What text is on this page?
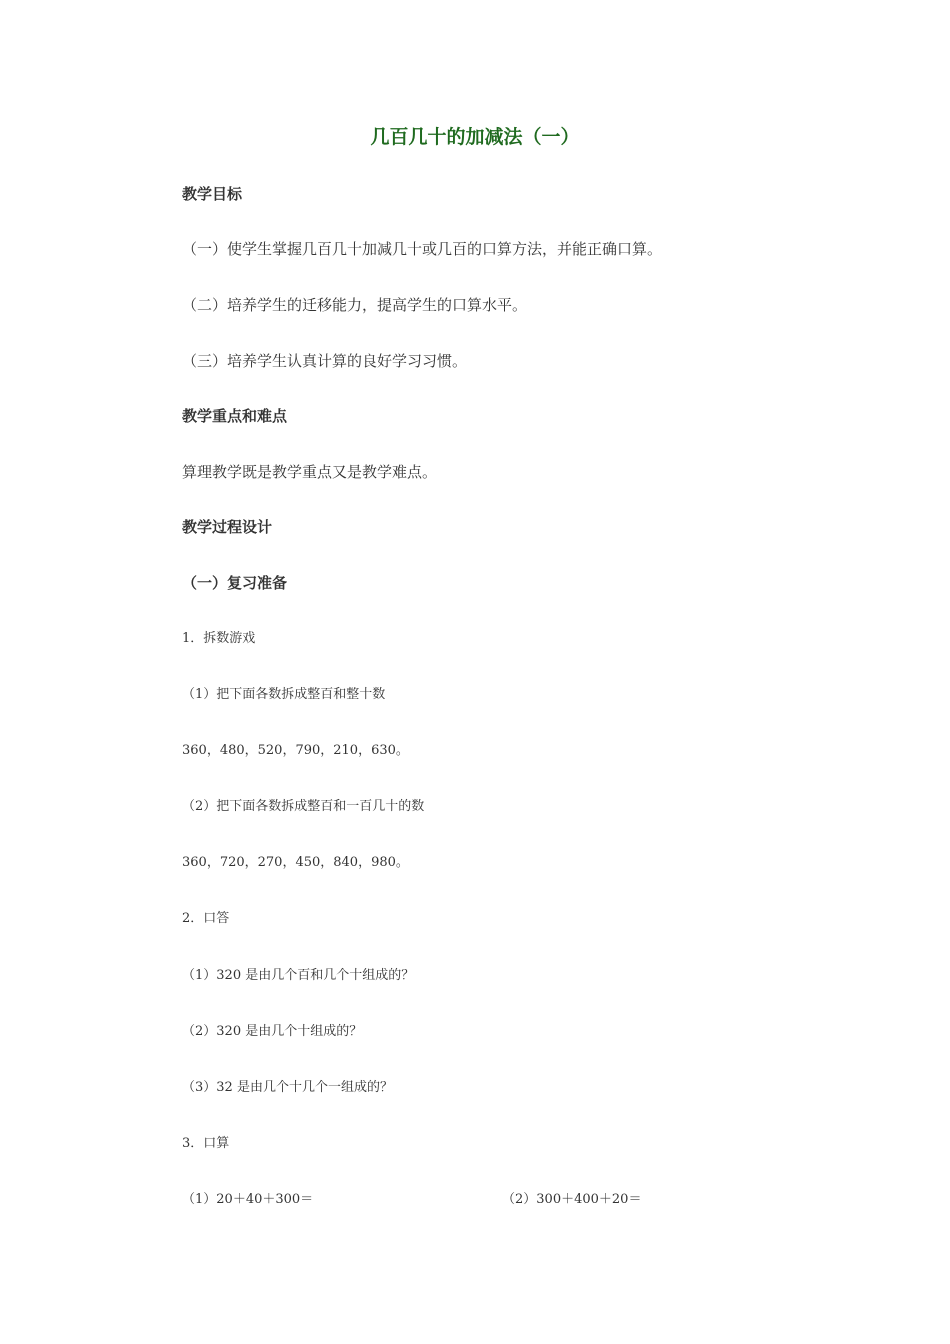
几百几十的加减法（一）
教学目标
（一）使学生掌握几百几十加减几十或几百的口算方法，并能正确口算。
（二）培养学生的迁移能力，提高学生的口算水平。
（三）培养学生认真计算的良好学习习惯。
教学重点和难点
算理教学既是教学重点又是教学难点。
教学过程设计
（一）复习准备
1．拆数游戏
（1）把下面各数拆成整百和整十数
360，480，520，790，210，630。
（2）把下面各数拆成整百和一百几十的数
360，720，270，450，840，980。
2．口答
（1）320 是由几个百和几个十组成的？
（2）320 是由几个十组成的？
（3）32 是由几个十几个一组成的？
3．口算
（1）20＋40＋300＝	（2）300＋400＋20＝
